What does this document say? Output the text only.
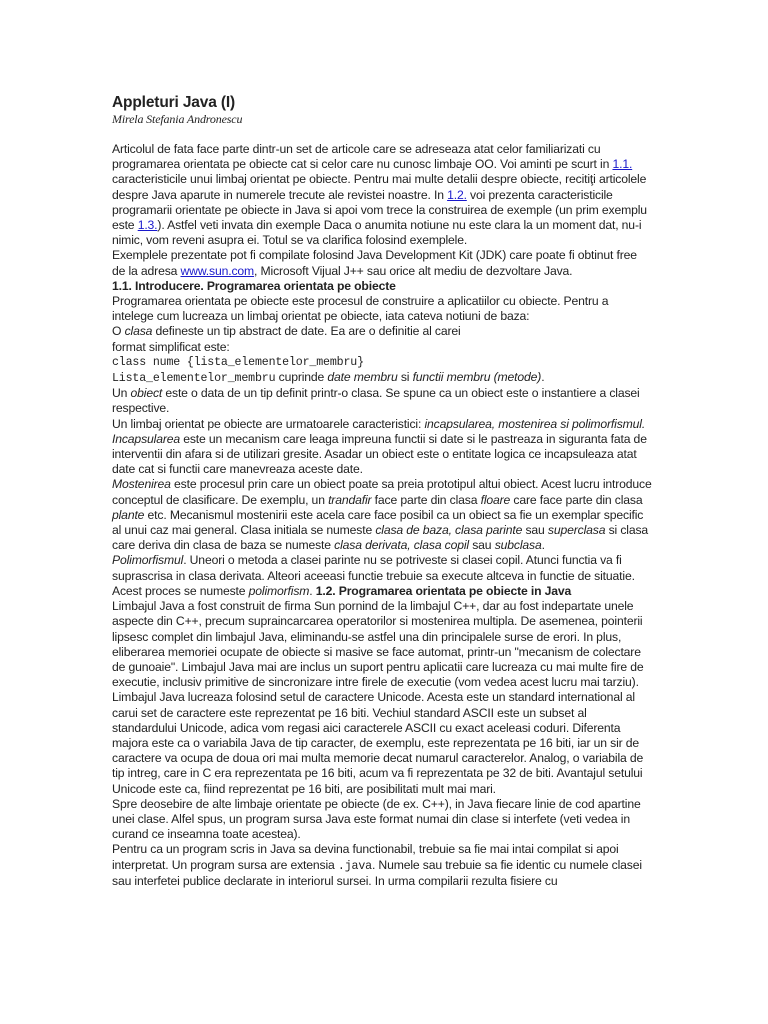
Appleturi Java (I)
Mirela Stefania Andronescu

Articolul de fata face parte dintr-un set de articole care se adreseaza atat celor familiarizati cu programarea orientata pe obiecte cat si celor care nu cunosc limbaje OO. Voi aminti pe scurt in 1.1. caracteristicile unui limbaj orientat pe obiecte. Pentru mai multe detalii despre obiecte, recitiţi articolele despre Java aparute in numerele trecute ale revistei noastre. In 1.2. voi prezenta caracteristicile programarii orientate pe obiecte in Java si apoi vom trece la construirea de exemple (un prim exemplu este 1.3.). Astfel veti invata din exemple Daca o anumita notiune nu este clara la un moment dat, nu-i nimic, vom reveni asupra ei. Totul se va clarifica folosind exemplele.

Exemplele prezentate pot fi compilate folosind Java Development Kit (JDK) care poate fi obtinut free de la adresa www.sun.com, Microsoft Vijual J++ sau orice alt mediu de dezvoltare Java.

1.1. Introducere. Programarea orientata pe obiecte

Programarea orientata pe obiecte este procesul de construire a aplicatiilor cu obiecte. Pentru a intelege cum lucreaza un limbaj orientat pe obiecte, iata cateva notiuni de baza:

O clasa defineste un tip abstract de date. Ea are o definitie al carei
format simplificat este:

class nume {lista_elementelor_membru}

Lista_elementelor_membru cuprinde date membru si functii membru (metode).

Un obiect este o data de un tip definit printr-o clasa. Se spune ca un obiect este o instantiere a clasei respective.

Un limbaj orientat pe obiecte are urmatoarele caracteristici: incapsularea, mostenirea si polimorfismul. Incapsularea este un mecanism care leaga impreuna functii si date si le pastreaza in siguranta fata de interventii din afara si de utilizari gresite. Asadar un obiect este o entitate logica ce incapsuleaza atat date cat si functii care manevreaza aceste date.

Mostenirea este procesul prin care un obiect poate sa preia prototipul altui obiect. Acest lucru introduce conceptul de clasificare. De exemplu, un trandafir face parte din clasa floare care face parte din clasa plante etc. Mecanismul mostenirii este acela care face posibil ca un obiect sa fie un exemplar specific al unui caz mai general. Clasa initiala se numeste clasa de baza, clasa parinte sau superclasa si clasa care deriva din clasa de baza se numeste clasa derivata, clasa copil sau subclasa.

Polimorfismul. Uneori o metoda a clasei parinte nu se potriveste si clasei copil. Atunci functia va fi suprascrisa in clasa derivata. Alteori aceeasi functie trebuie sa execute altceva in functie de situatie. Acest proces se numeste polimorfism. 1.2. Programarea orientata pe obiecte in Java

Limbajul Java a fost construit de firma Sun pornind de la limbajul C++, dar au fost indepartate unele aspecte din C++, precum supraincarcarea operatorilor si mostenirea multipla. De asemenea, pointerii lipsesc complet din limbajul Java, eliminandu-se astfel una din principalele surse de erori. In plus, eliberarea memoriei ocupate de obiecte si masive se face automat, printr-un "mecanism de colectare de gunoaie". Limbajul Java mai are inclus un suport pentru aplicatii care lucreaza cu mai multe fire de executie, inclusiv primitive de sincronizare intre firele de executie (vom vedea acest lucru mai tarziu).

Limbajul Java lucreaza folosind setul de caractere Unicode. Acesta este un standard international al carui set de caractere este reprezentat pe 16 biti. Vechiul standard ASCII este un subset al standardului Unicode, adica vom regasi aici caracterele ASCII cu exact aceleasi coduri. Diferenta majora este ca o variabila Java de tip caracter, de exemplu, este reprezentata pe 16 biti, iar un sir de caractere va ocupa de doua ori mai multa memorie decat numarul caracterelor. Analog, o variabila de tip intreg, care in C era reprezentata pe 16 biti, acum va fi reprezentata pe 32 de biti. Avantajul setului Unicode este ca, fiind reprezentat pe 16 biti, are posibilitati mult mai mari.

Spre deosebire de alte limbaje orientate pe obiecte (de ex. C++), in Java fiecare linie de cod apartine unei clase. Alfel spus, un program sursa Java este format numai din clase si interfete (veti vedea in curand ce inseamna toate acestea).

Pentru ca un program scris in Java sa devina functionabil, trebuie sa fie mai intai compilat si apoi interpretat. Un program sursa are extensia .java. Numele sau trebuie sa fie identic cu numele clasei sau interfetei publice declarate in interiorul sursei. In urma compilarii rezulta fisiere cu
